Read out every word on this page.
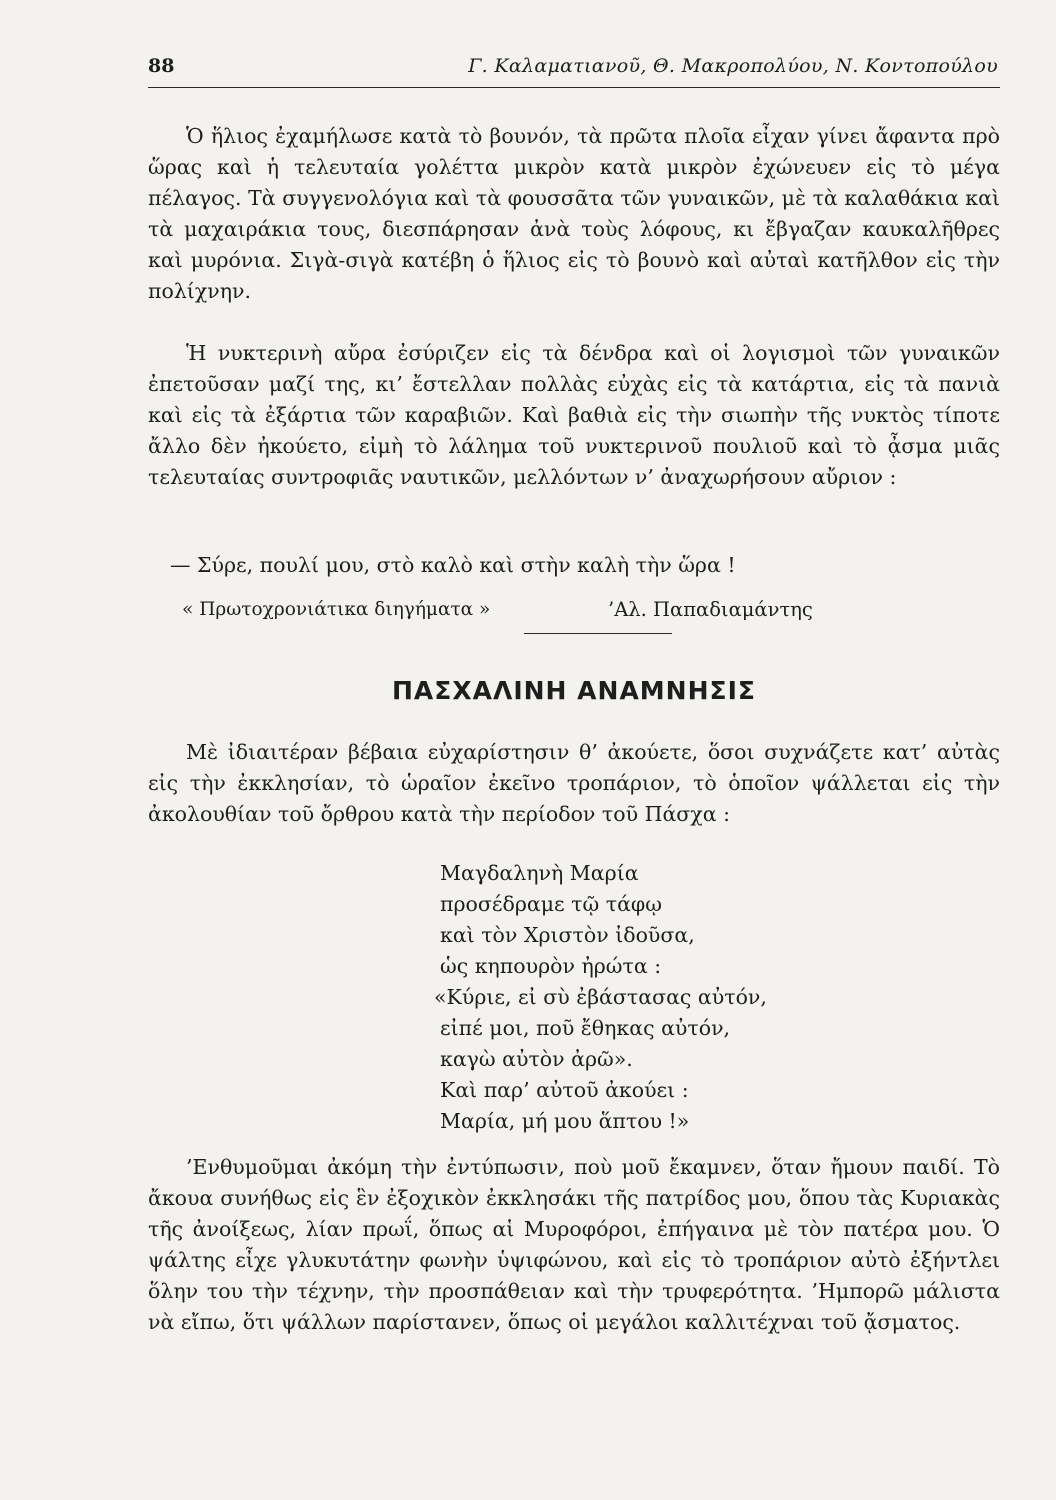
88	Γ. Καλαματιανοῦ, Θ. Μακροπολύου, Ν. Κοντοπούλου

Ὁ ἥλιος ἐχαμήλωσε κατὰ τὸ βουνόν, τὰ πρῶτα πλοῖα εἶχαν γίνει ἄφαντα πρὸ ὥρας καὶ ἡ τελευταία γολέττα μικρὸν κατὰ μικρὸν ἐχώνευεν εἰς τὸ μέγα πέλαγος. Τὰ συγγενολόγια καὶ τὰ φουσσᾶτα τῶν γυναικῶν, μὲ τὰ καλαθάκια καὶ τὰ μαχαιράκια τους, διεσπάρησαν ἀνὰ τοὺς λόφους, κι ἔβγαζαν καυκαλῆθρες καὶ μυρόνια. Σιγὰ-σιγὰ κατέβη ὁ ἥλιος εἰς τὸ βουνὸ καὶ αὐταὶ κατῆλθον εἰς τὴν πολίχνην.

Ἡ νυκτερινὴ αὔρα ἐσύριζεν εἰς τὰ δένδρα καὶ οἱ λογισμοὶ τῶν γυναικῶν ἐπετοῦσαν μαζί της, κι’ ἔστελλαν πολλὰς εὐχὰς εἰς τὰ κατάρτια, εἰς τὰ πανιὰ καὶ εἰς τὰ ἐξάρτια τῶν καραβιῶν. Καὶ βαθιὰ εἰς τὴν σιωπὴν τῆς νυκτὸς τίποτε ἄλλο δὲν ἠκούετο, εἰμὴ τὸ λάλημα τοῦ νυκτερινοῦ πουλιοῦ καὶ τὸ ᾆσμα μιᾶς τελευταίας συντροφιᾶς ναυτικῶν, μελλόντων ν’ ἀναχωρήσουν αὔριον :

— Σύρε, πουλί μου, στὸ καλὸ καὶ στὴν καλὴ τὴν ὥρα !
« Πρωτοχρονιάτικα διηγήματα »	’Αλ. Παπαδιαμάντης
ΠΑΣΧΑΛΙΝΗ ΑΝΑΜΝΗΣΙΣ

Μὲ ἰδιαιτέραν βέβαια εὐχαρίστησιν θ’ ἀκούετε, ὅσοι συχνάζετε κατ’ αὐτὰς εἰς τὴν ἐκκλησίαν, τὸ ὡραῖον ἐκεῖνο τροπάριον, τὸ ὁποῖον ψάλλεται εἰς τὴν ἀκολουθίαν τοῦ ὄρθρου κατὰ τὴν περίοδον τοῦ Πάσχα :

Μαγδαληνὴ Μαρία
προσέδραμε τῷ τάφῳ
καὶ τὸν Χριστὸν ἰδοῦσα,
ὡς κηπουρὸν ἠρώτα :
«Κύριε, εἰ σὺ ἐβάστασας αὐτόν,
εἰπέ μοι, ποῦ ἔθηκας αὐτόν,
καγὼ αὐτὸν ἀρῶ».
Καὶ παρ’ αὐτοῦ ἀκούει :
Μαρία, μή μου ἅπτου !»

’Ενθυμοῦμαι ἀκόμη τὴν ἐντύπωσιν, ποὺ μοῦ ἔκαμνεν, ὅταν ἤμουν παιδί. Τὸ ἄκουα συνήθως εἰς ἓν ἐξοχικὸν ἐκκλησάκι τῆς πατρίδος μου, ὅπου τὰς Κυριακὰς τῆς ἀνοίξεως, λίαν πρωΐ, ὅπως αἱ Μυροφόροι, ἐπήγαινα μὲ τὸν πατέρα μου. Ὁ ψάλτης εἶχε γλυκυτάτην φωνὴν ὑψιφώνου, καὶ εἰς τὸ τροπάριον αὐτὸ ἐξήντλει ὅλην του τὴν τέχνην, τὴν προσπάθειαν καὶ τὴν τρυφερότητα. ’Ημπορῶ μάλιστα νὰ εἴπω, ὅτι ψάλλων παρίστανεν, ὅπως οἱ μεγάλοι καλλιτέχναι τοῦ ᾄσματος.
